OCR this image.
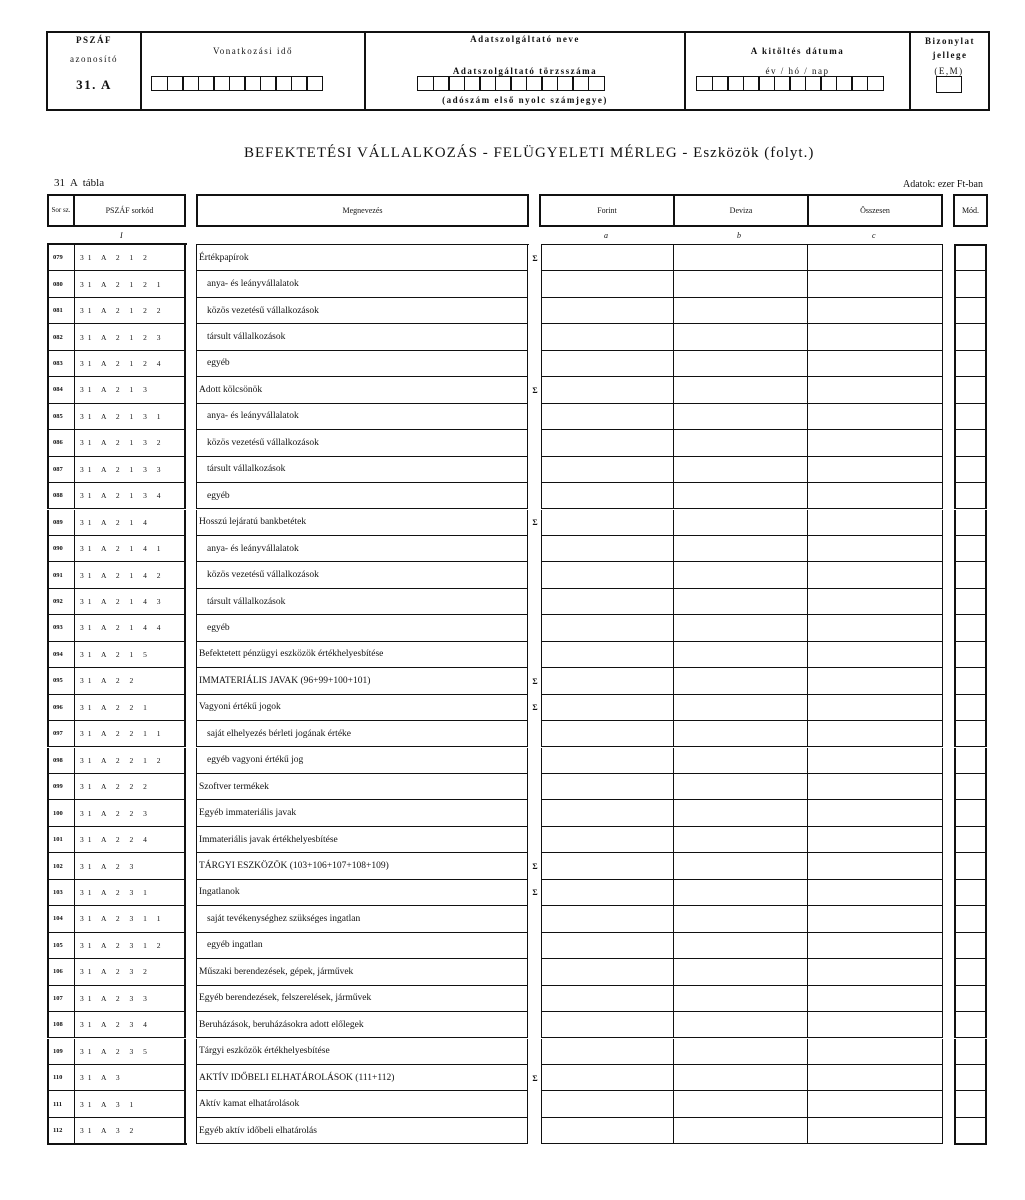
PSZÁF
azonosító
31. A
Vonatkozási idő
Adatszolgáltató neve
Adatszolgáltató törzsszáma
(adószám első nyolc számjegye)
A kitöltés dátuma
év / hó / nap
Bizonylat jellege
(E,M)
BEFEKTETÉSI VÁLLALKOZÁS - FELÜGYELETI MÉRLEG - Eszközök (folyt.)
31  A  tábla	Adatok: ezer Ft-ban
Sor sz.	PSZÁF sorkód	Megnevezés	Forint	Deviza	Összesen	Mód.
I	a	b	c
079	31 A 2 1 2	Értékpapírok	Σ
080	31 A 2 1 2 1	anya- és leányvállalatok
081	31 A 2 1 2 2	közös vezetésű vállalkozások
082	31 A 2 1 2 3	társult vállalkozások
083	31 A 2 1 2 4	egyéb
084	31 A 2 1 3	Adott kölcsönök	Σ
085	31 A 2 1 3 1	anya- és leányvállalatok
086	31 A 2 1 3 2	közös vezetésű vállalkozások
087	31 A 2 1 3 3	társult vállalkozások
088	31 A 2 1 3 4	egyéb
089	31 A 2 1 4	Hosszú lejáratú bankbetétek	Σ
090	31 A 2 1 4 1	anya- és leányvállalatok
091	31 A 2 1 4 2	közös vezetésű vállalkozások
092	31 A 2 1 4 3	társult vállalkozások
093	31 A 2 1 4 4	egyéb
094	31 A 2 1 5	Befektetett pénzügyi eszközök értékhelyesbítése
095	31 A 2 2	IMMATERIÁLIS JAVAK (96+99+100+101)	Σ
096	31 A 2 2 1	Vagyoni értékű jogok	Σ
097	31 A 2 2 1 1	saját elhelyezés bérleti jogának értéke
098	31 A 2 2 1 2	egyéb vagyoni értékű jog
099	31 A 2 2 2	Szoftver termékek
100	31 A 2 2 3	Egyéb immateriális javak
101	31 A 2 2 4	Immateriális javak értékhelyesbítése
102	31 A 2 3	TÁRGYI ESZKÖZÖK (103+106+107+108+109)	Σ
103	31 A 2 3 1	Ingatlanok	Σ
104	31 A 2 3 1 1	saját tevékenységhez szükséges ingatlan
105	31 A 2 3 1 2	egyéb ingatlan
106	31 A 2 3 2	Műszaki berendezések, gépek, járművek
107	31 A 2 3 3	Egyéb berendezések, felszerelések, járművek
108	31 A 2 3 4	Beruházások, beruházásokra adott előlegek
109	31 A 2 3 5	Tárgyi eszközök értékhelyesbítése
110	31 A 3	AKTÍV IDŐBELI ELHATÁROLÁSOK (111+112)	Σ
111	31 A 3 1	Aktív kamat elhatárolások
112	31 A 3 2	Egyéb aktív időbeli elhatárolás
